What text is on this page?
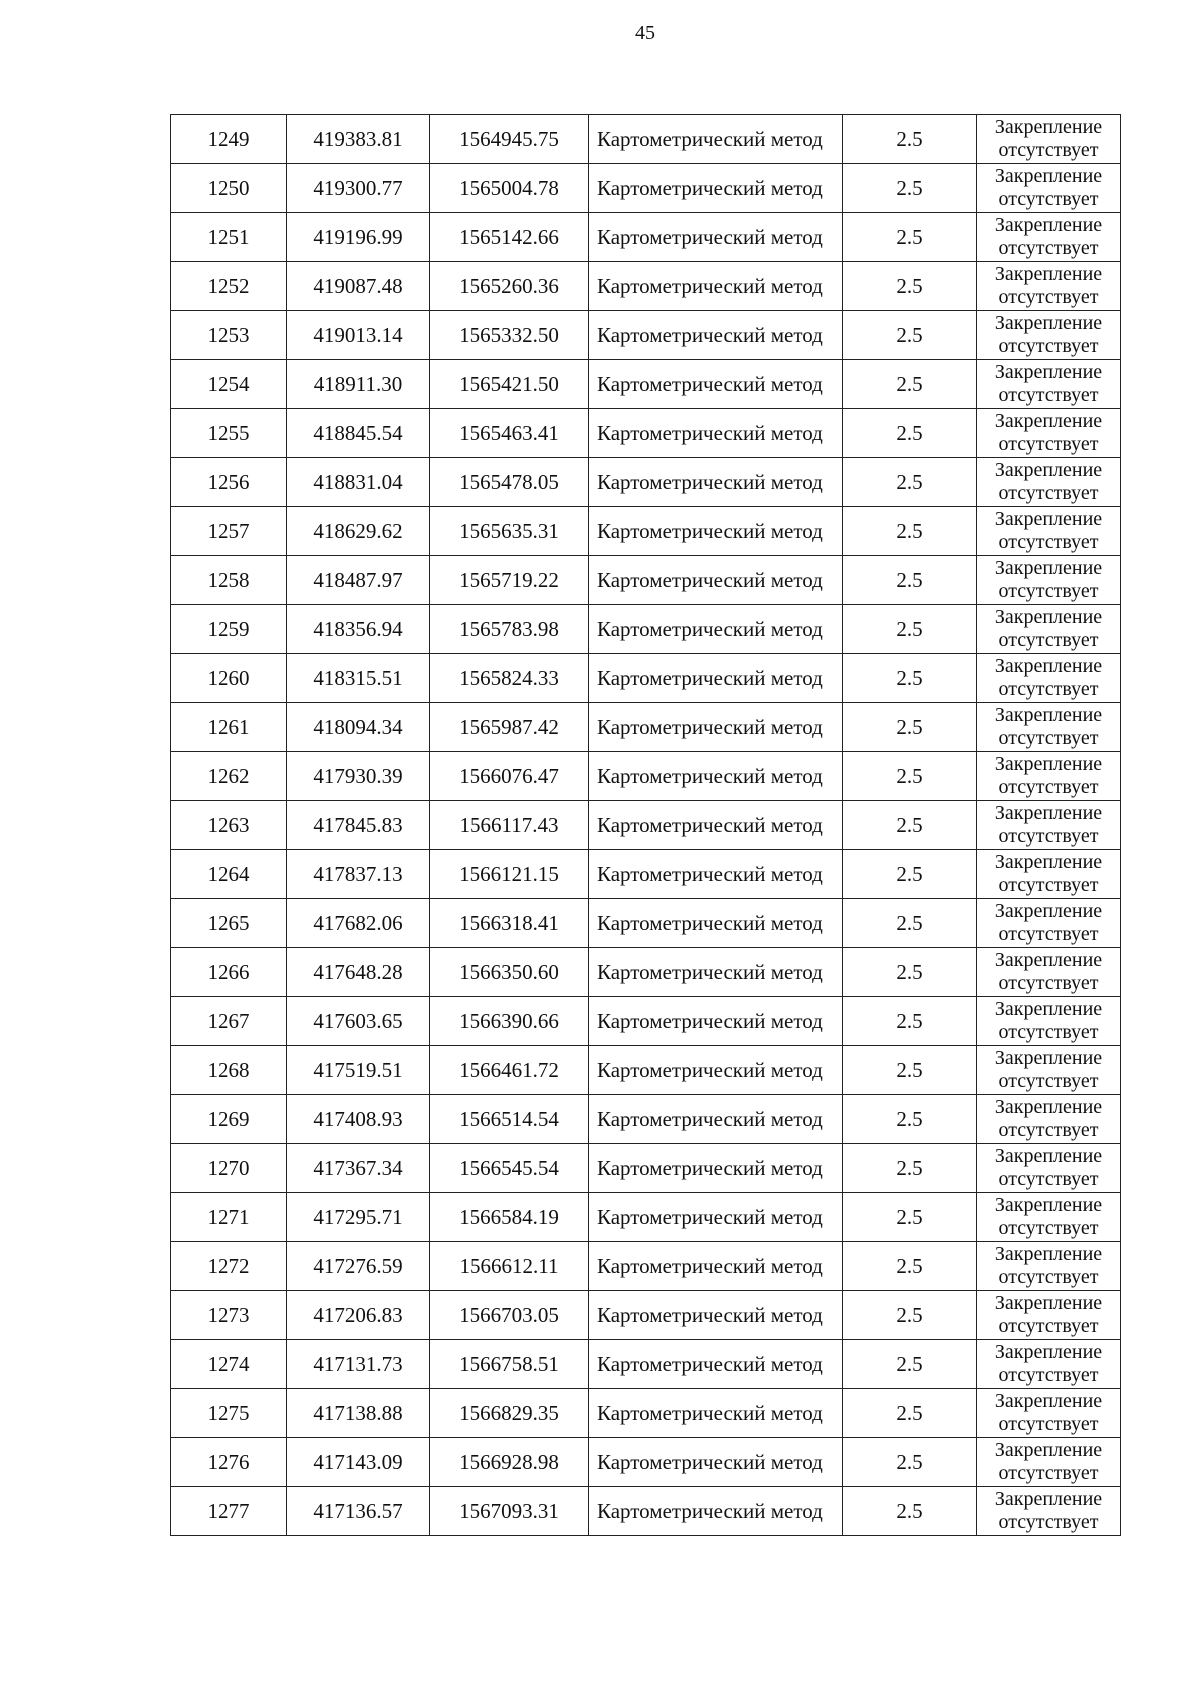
45
1249	419383.81	1564945.75	Картометрический метод	2.5	Закрепление
отсутствует

1250	419300.77	1565004.78	Картометрический метод	2.5	Закрепление
отсутствует

1251	419196.99	1565142.66	Картометрический метод	2.5	Закрепление
отсутствует

1252	419087.48	1565260.36	Картометрический метод	2.5	Закрепление
отсутствует

1253	419013.14	1565332.50	Картометрический метод	2.5	Закрепление
отсутствует

1254	418911.30	1565421.50	Картометрический метод	2.5	Закрепление
отсутствует

1255	418845.54	1565463.41	Картометрический метод	2.5	Закрепление
отсутствует

1256	418831.04	1565478.05	Картометрический метод	2.5	Закрепление
отсутствует

1257	418629.62	1565635.31	Картометрический метод	2.5	Закрепление
отсутствует

1258	418487.97	1565719.22	Картометрический метод	2.5	Закрепление
отсутствует

1259	418356.94	1565783.98	Картометрический метод	2.5	Закрепление
отсутствует

1260	418315.51	1565824.33	Картометрический метод	2.5	Закрепление
отсутствует

1261	418094.34	1565987.42	Картометрический метод	2.5	Закрепление
отсутствует

1262	417930.39	1566076.47	Картометрический метод	2.5	Закрепление
отсутствует

1263	417845.83	1566117.43	Картометрический метод	2.5	Закрепление
отсутствует

1264	417837.13	1566121.15	Картометрический метод	2.5	Закрепление
отсутствует

1265	417682.06	1566318.41	Картометрический метод	2.5	Закрепление
отсутствует

1266	417648.28	1566350.60	Картометрический метод	2.5	Закрепление
отсутствует

1267	417603.65	1566390.66	Картометрический метод	2.5	Закрепление
отсутствует

1268	417519.51	1566461.72	Картометрический метод	2.5	Закрепление
отсутствует

1269	417408.93	1566514.54	Картометрический метод	2.5	Закрепление
отсутствует

1270	417367.34	1566545.54	Картометрический метод	2.5	Закрепление
отсутствует

1271	417295.71	1566584.19	Картометрический метод	2.5	Закрепление
отсутствует

1272	417276.59	1566612.11	Картометрический метод	2.5	Закрепление
отсутствует

1273	417206.83	1566703.05	Картометрический метод	2.5	Закрепление
отсутствует

1274	417131.73	1566758.51	Картометрический метод	2.5	Закрепление
отсутствует

1275	417138.88	1566829.35	Картометрический метод	2.5	Закрепление
отсутствует

1276	417143.09	1566928.98	Картометрический метод	2.5	Закрепление
отсутствует

1277	417136.57	1567093.31	Картометрический метод	2.5	Закрепление
отсутствует
